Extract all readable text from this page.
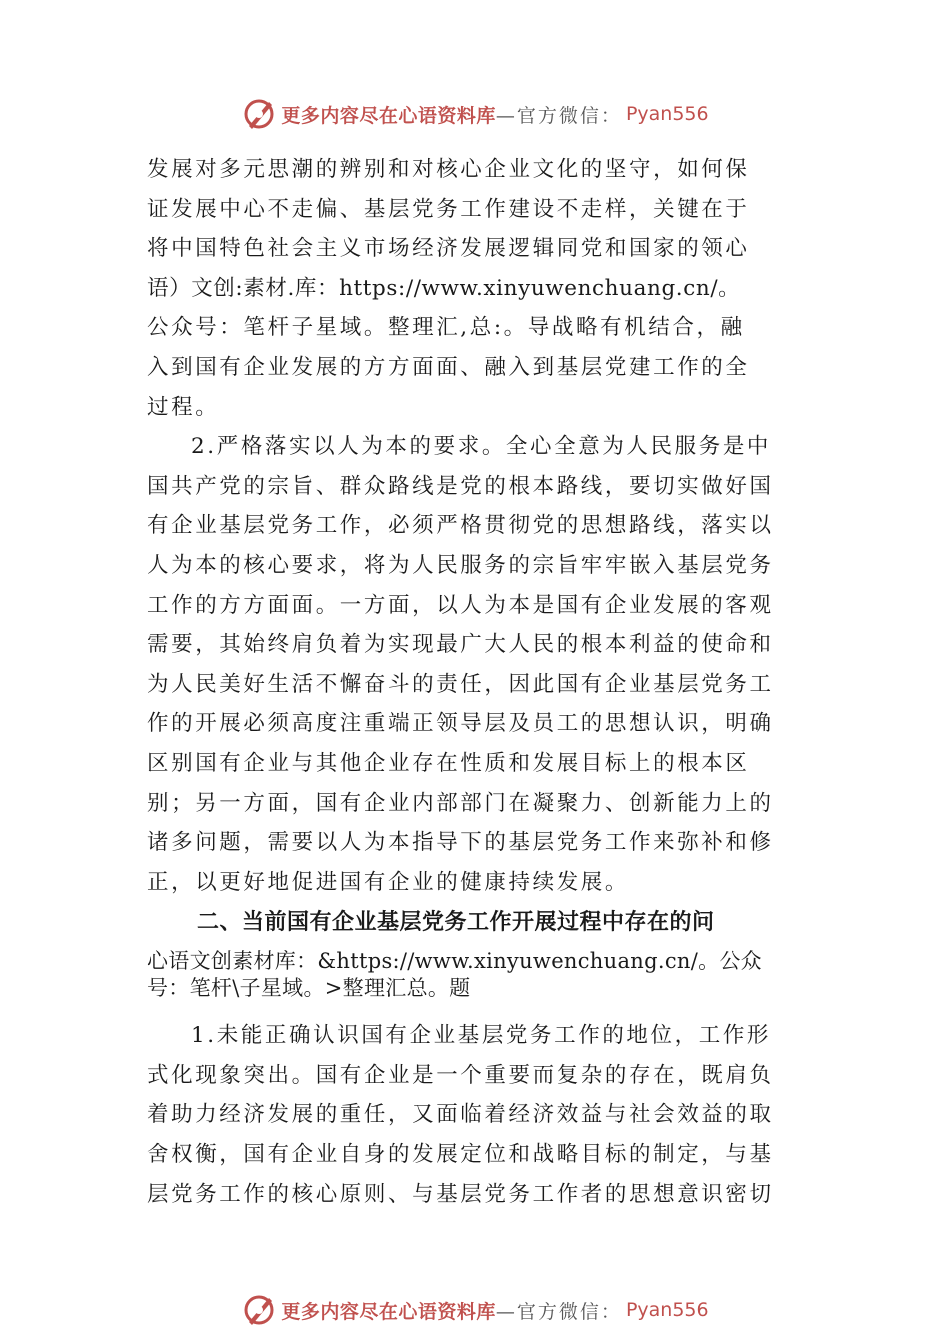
更多内容尽在心语资料库 —官方微信： Pyan556
发展对多元思潮的辨别和对核心企业文化的坚守，如何保
证发展中心不走偏、基层党务工作建设不走样，关键在于
将中国特色社会主义市场经济发展逻辑同党和国家的领心
语）文创:素材.库：https://www.xinyuwenchuang.cn/。
公众号：笔杆子星域。整理汇,总:。导战略有机结合，融
入到国有企业发展的方方面面、融入到基层党建工作的全
过程。
2.严格落实以人为本的要求。全心全意为人民服务是中
国共产党的宗旨、群众路线是党的根本路线，要切实做好国
有企业基层党务工作，必须严格贯彻党的思想路线，落实以
人为本的核心要求，将为人民服务的宗旨牢牢嵌入基层党务
工作的方方面面。一方面，以人为本是国有企业发展的客观
需要，其始终肩负着为实现最广大人民的根本利益的使命和
为人民美好生活不懈奋斗的责任，因此国有企业基层党务工
作的开展必须高度注重端正领导层及员工的思想认识，明确
区别国有企业与其他企业存在性质和发展目标上的根本区
别；另一方面，国有企业内部部门在凝聚力、创新能力上的
诸多问题，需要以人为本指导下的基层党务工作来弥补和修
正，以更好地促进国有企业的健康持续发展。
二、当前国有企业基层党务工作开展过程中存在的问
心语文创素材库：&https://www.xinyuwenchuang.cn/。公众
号：笔杆\子星域。>整理汇总。题
1.未能正确认识国有企业基层党务工作的地位，工作形
式化现象突出。国有企业是一个重要而复杂的存在，既肩负
着助力经济发展的重任，又面临着经济效益与社会效益的取
舍权衡，国有企业自身的发展定位和战略目标的制定，与基
层党务工作的核心原则、与基层党务工作者的思想意识密切
更多内容尽在心语资料库 —官方微信： Pyan556
